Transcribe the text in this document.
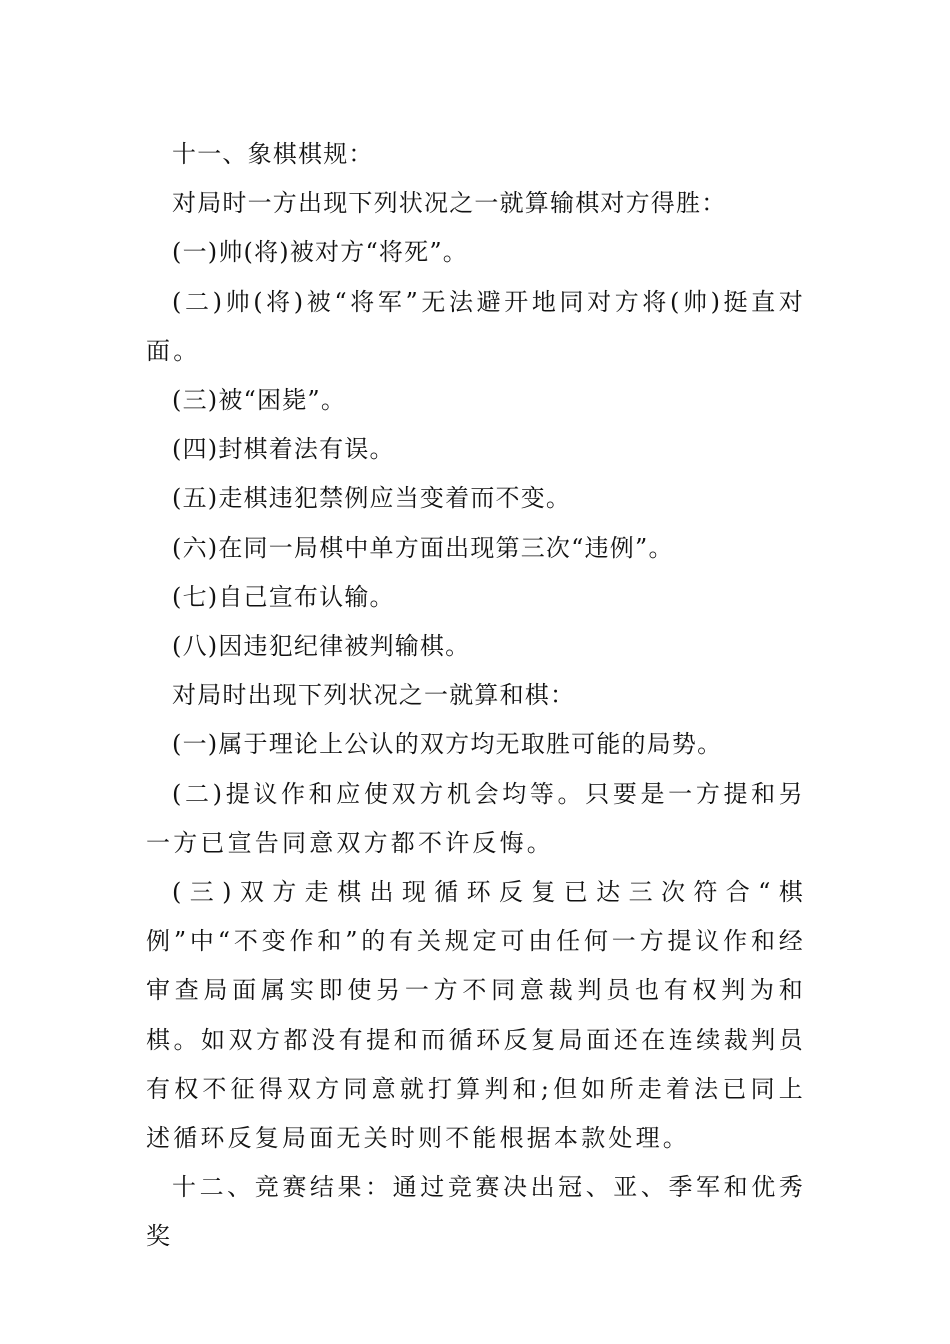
十一、象棋棋规：

对局时一方出现下列状况之一就算输棋对方得胜：

(一)帅(将)被对方“将死”。

(二)帅(将)被“将军”无法避开地同对方将(帅)挺直对面。

(三)被“困毙”。

(四)封棋着法有误。

(五)走棋违犯禁例应当变着而不变。

(六)在同一局棋中单方面出现第三次“违例”。

(七)自己宣布认输。

(八)因违犯纪律被判输棋。

对局时出现下列状况之一就算和棋：

(一)属于理论上公认的双方均无取胜可能的局势。

(二)提议作和应使双方机会均等。只要是一方提和另一方已宣告同意双方都不许反悔。

(三)双方走棋出现循环反复已达三次符合“棋例”中“不变作和”的有关规定可由任何一方提议作和经审查局面属实即使另一方不同意裁判员也有权判为和棋。如双方都没有提和而循环反复局面还在连续裁判员有权不征得双方同意就打算判和;但如所走着法已同上述循环反复局面无关时则不能根据本款处理。

十二、竞赛结果：通过竞赛决出冠、亚、季军和优秀奖
